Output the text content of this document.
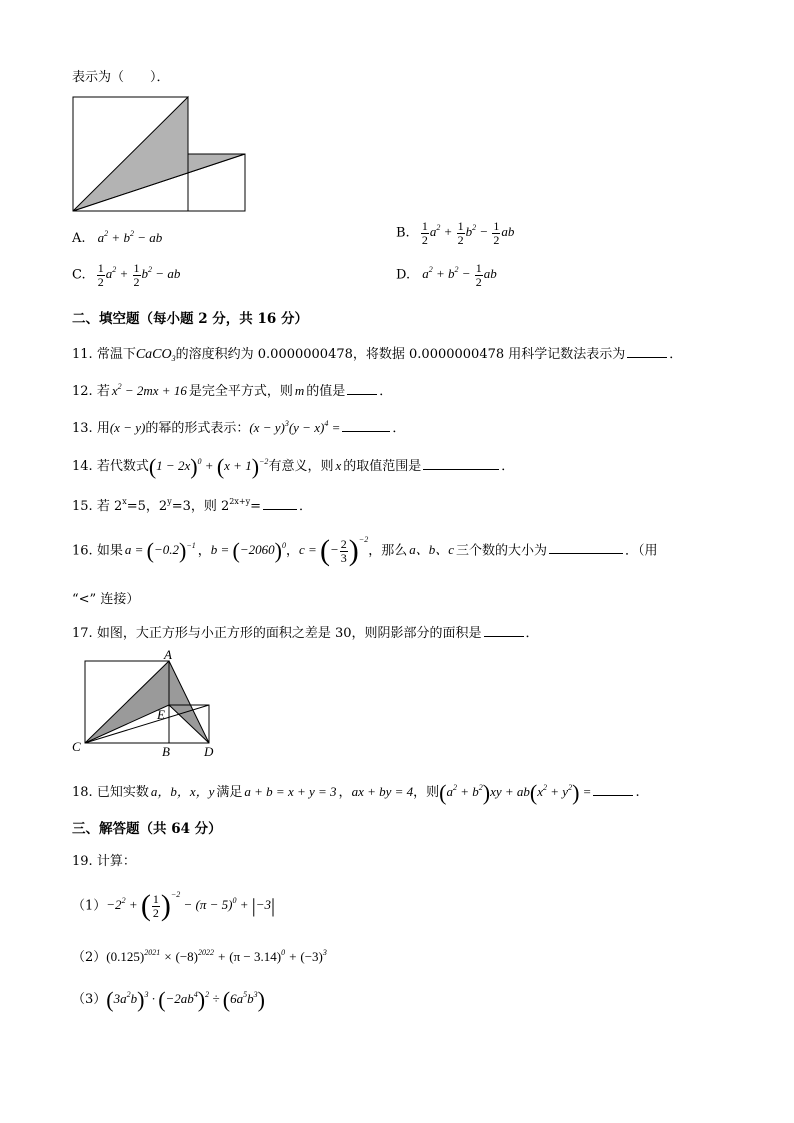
表示为（　　）．
A. $a^2 + b^2$ − ab	B. $\frac{1}{2} a^2 + \frac{1}{2} b^2 - \frac{1}{2}$ ab
C. $\frac{1}{2} a^2 + \frac{1}{2} b^2$ − ab	D. $a^2 + b^2 - \frac{1}{2}$ ab
二、填空题（每小题 2 分，共 16 分）
11. 常温下CaCO$_3$的溶度积约为 0.0000000478，将数据 0.0000000478 用科学记数法表示为	．
12. 若 $x^2 - 2mx + 16$ 是完全平方式，则 m 的值是	．
13. 用(x − y)的幂的形式表示：$(x - y)^3(y - x)^4$ =	．
14. 若代数式$(1 - 2x)^0 + (x + 1)^{-2}$有意义，则 x 的取值范围是	．
15. 若 $2^x=5$，$2^y=3$，则 $2^{2x+y}=$	．
16. 如果 $a = (-0.2)^{-1}$ ，$b = (-2060)^0$，c = (− $\frac{2}{3} )^{-2}$，那么 a、b、c 三个数的大小为	．（用
“<” 连接）
17. 如图，大正方形与小正方形的面积之差是 30，则阴影部分的面积是	．
A
E
C	B	D
18. 已知实数 a，b，x，y 满足 a + b = x + y = 3 ，ax + by = 4，则$(a^2 + b^2)xy + ab(x^2 + y^2)$ =	.
三、解答题（共 64 分）
19. 计算：
$(1)-2^2$ + ( $\frac{1}{2} )^{-2} - (\pi - 5)^0 + |-3|$
$(2)(0.125)^{2021} \times (-8)^{2022} + (\pi - 3.14)^0 + (-3)^3$
$(3)(3a^2b)^3 \cdot (-2ab^4)^2 \div (6a^5b^3)$
